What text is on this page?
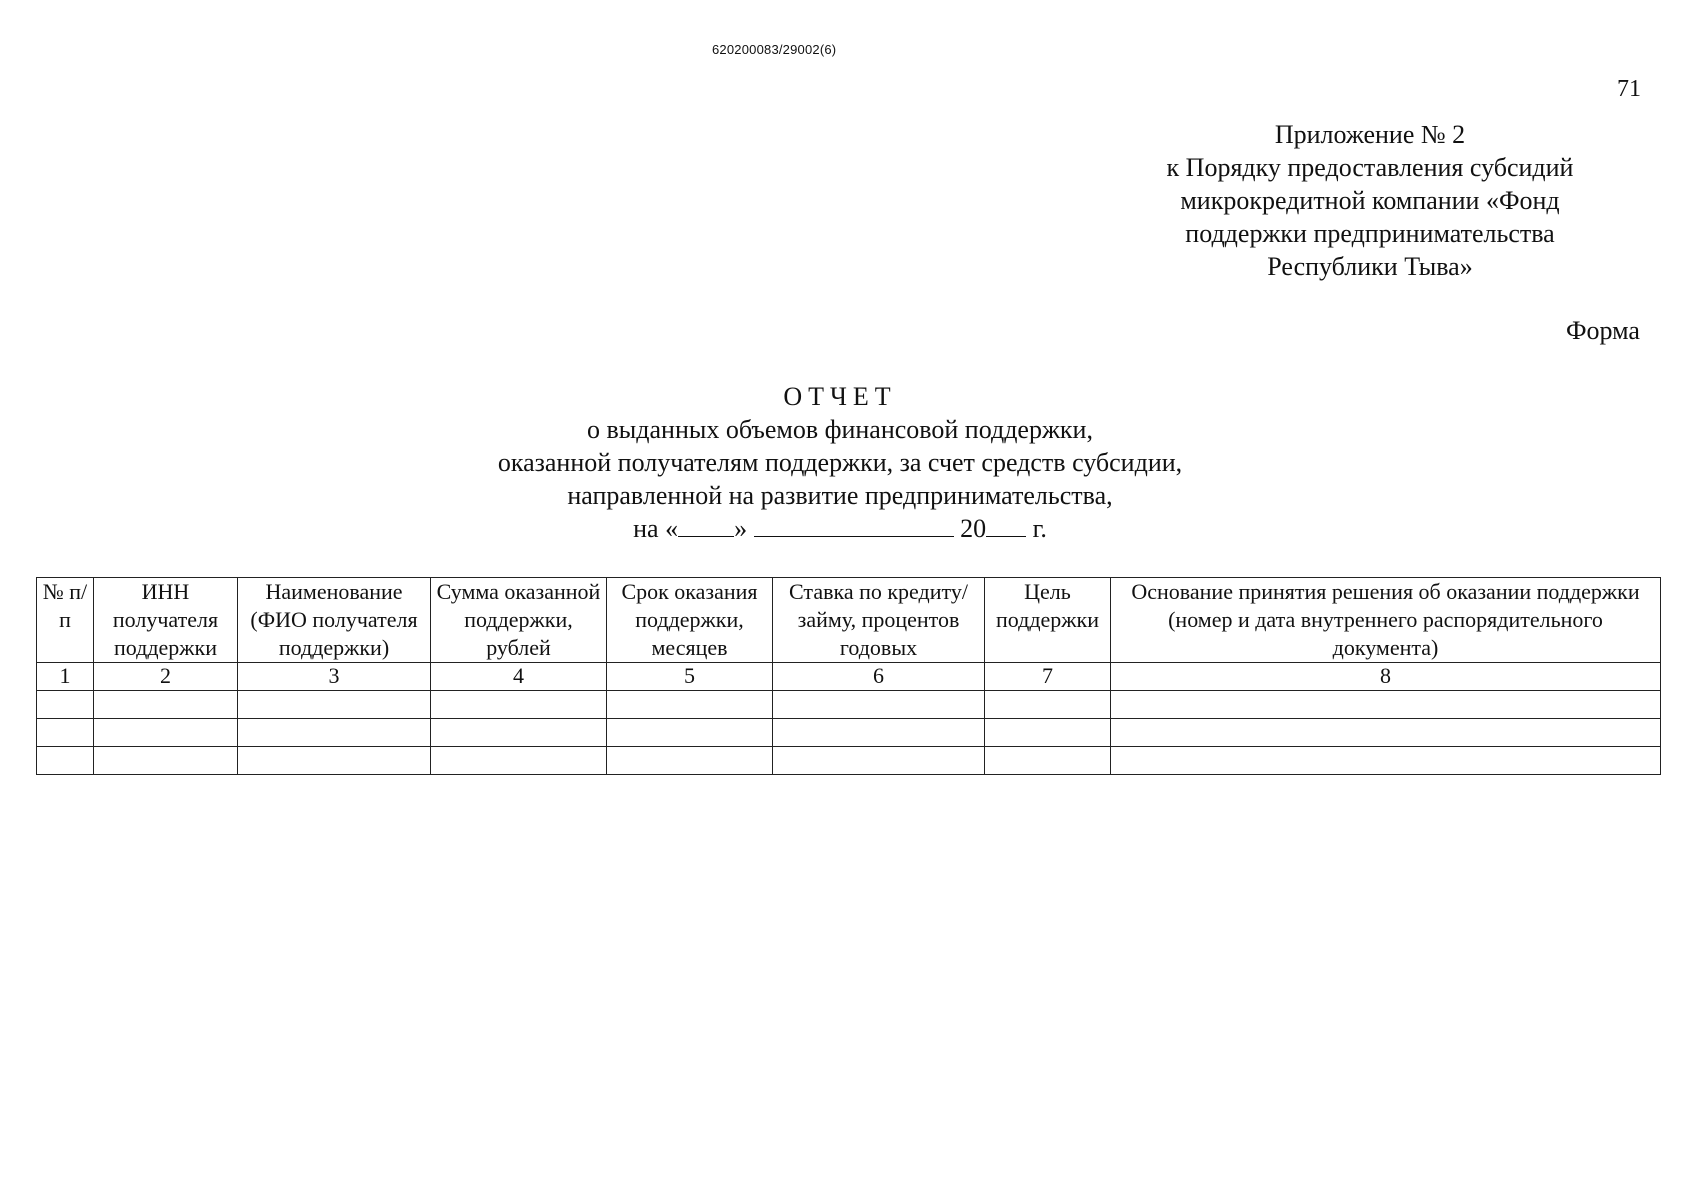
620200083/29002(6)
71
Приложение № 2
к Порядку предоставления субсидий
микрокредитной компании «Фонд
поддержки предпринимательства
Республики Тыва»
Форма
ОТЧЕТ
о выданных объемов финансовой поддержки,
оказанной получателям поддержки, за счет средств субсидии,
направленной на развитие предпринимательства,
на « »	20 г.
№ п/п	ИНН получателя поддержки	Наименование (ФИО получателя поддержки)	Сумма оказанной поддержки, рублей	Срок оказания поддержки, месяцев	Ставка по кредиту/ займу, процентов годовых	Цель поддержки	Основание принятия решения об оказании поддержки (номер и дата внутреннего распорядительного документа)
1	2	3	4	5	6	7	8
